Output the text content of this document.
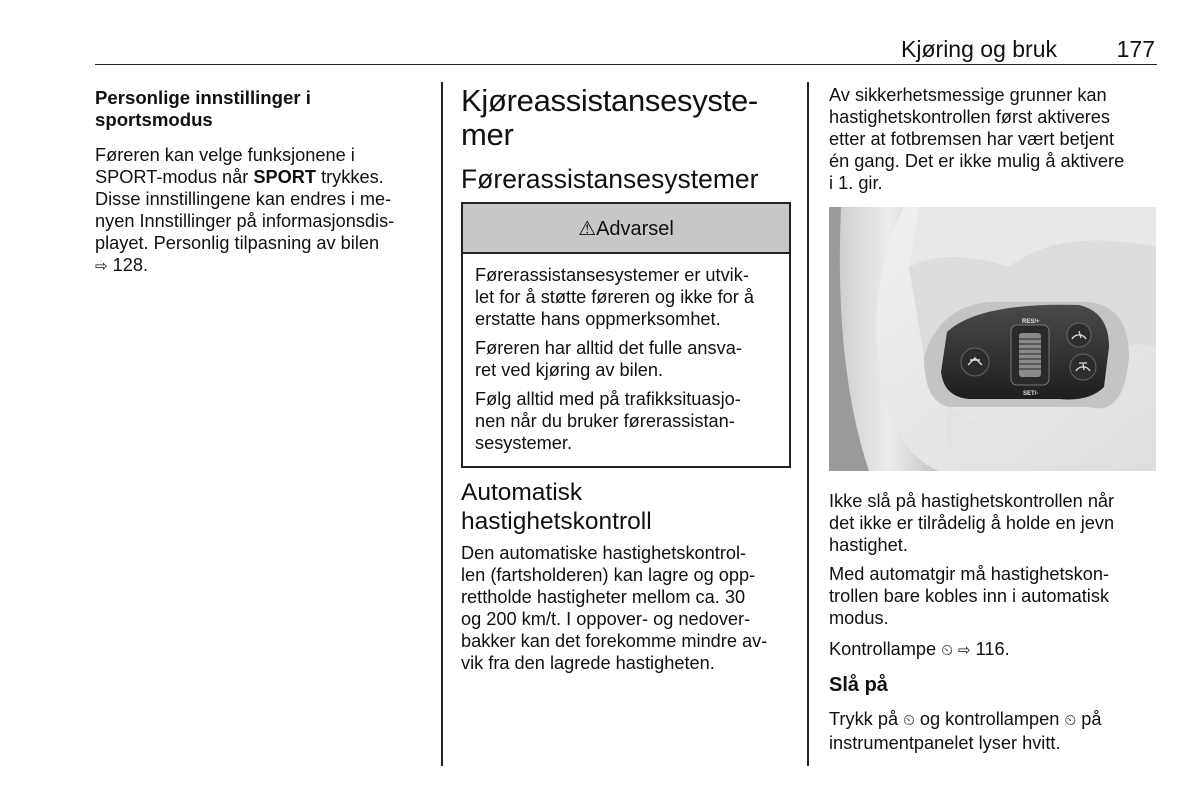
Kjøring og bruk	177
Personlige innstillinger i
sportsmodus
Føreren kan velge funksjonene i
SPORT-modus når SPORT trykkes.
Disse innstillingene kan endres i me-
nyen Innstillinger på informasjonsdis-
playet. Personlig tilpasning av bilen
⇨ 128.
Kjøreassistansesyste-
mer
Førerassistansesystemer
⚠Advarsel

Førerassistansesystemer er utvik-
let for å støtte føreren og ikke for å
erstatte hans oppmerksomhet.

Føreren har alltid det fulle ansva-
ret ved kjøring av bilen.

Følg alltid med på trafikksituasjo-
nen når du bruker førerassistan-
sesystemer.

Automatisk
hastighetskontroll
Den automatiske hastighetskontrol-
len (fartsholderen) kan lagre og opp-
rettholde hastigheter mellom ca. 30
og 200 km/t. I oppover- og nedover-
bakker kan det forekomme mindre av-
vik fra den lagrede hastigheten.
Av sikkerhetsmessige grunner kan
hastighetskontrollen først aktiveres
etter at fotbremsen har vært betjent
én gang. Det er ikke mulig å aktivere
i 1. gir.
RES/+
SET/-

Ikke slå på hastighetskontrollen når
det ikke er tilrådelig å holde en jevn
hastighet.

Med automatgir må hastighetskon-
trollen bare kobles inn i automatisk
modus.

Kontrollampe ⏲ ⇨ 116.

Slå på

Trykk på ⏲ og kontrollampen ⏲ på
instrumentpanelet lyser hvitt.
